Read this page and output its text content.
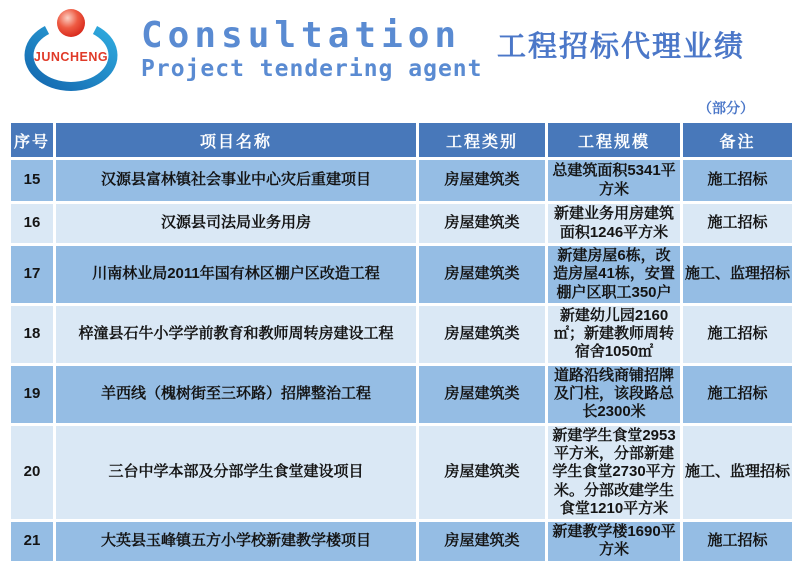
JUNCHENG
Consultation
Project tendering agent
工程招标代理业绩
（部分）
序号	项目名称	工程类别	工程规模	备注
15	汉源县富林镇社会事业中心灾后重建项目	房屋建筑类	总建筑面积5341平方米	施工招标
16	汉源县司法局业务用房	房屋建筑类	新建业务用房建筑面积1246平方米	施工招标
17	川南林业局2011年国有林区棚户区改造工程	房屋建筑类	新建房屋6栋，改造房屋41栋，安置棚户区职工350户	施工、监理招标
18	梓潼县石牛小学学前教育和教师周转房建设工程	房屋建筑类	新建幼儿园2160㎡；新建教师周转宿舍1050㎡	施工招标
19	羊西线（槐树街至三环路）招牌整治工程	房屋建筑类	道路沿线商铺招牌及门柱，该段路总长2300米	施工招标
20	三台中学本部及分部学生食堂建设项目	房屋建筑类	新建学生食堂2953平方米，分部新建学生食堂2730平方米。分部改建学生食堂1210平方米	施工、监理招标
21	大英县玉峰镇五方小学校新建教学楼项目	房屋建筑类	新建教学楼1690平方米	施工招标
